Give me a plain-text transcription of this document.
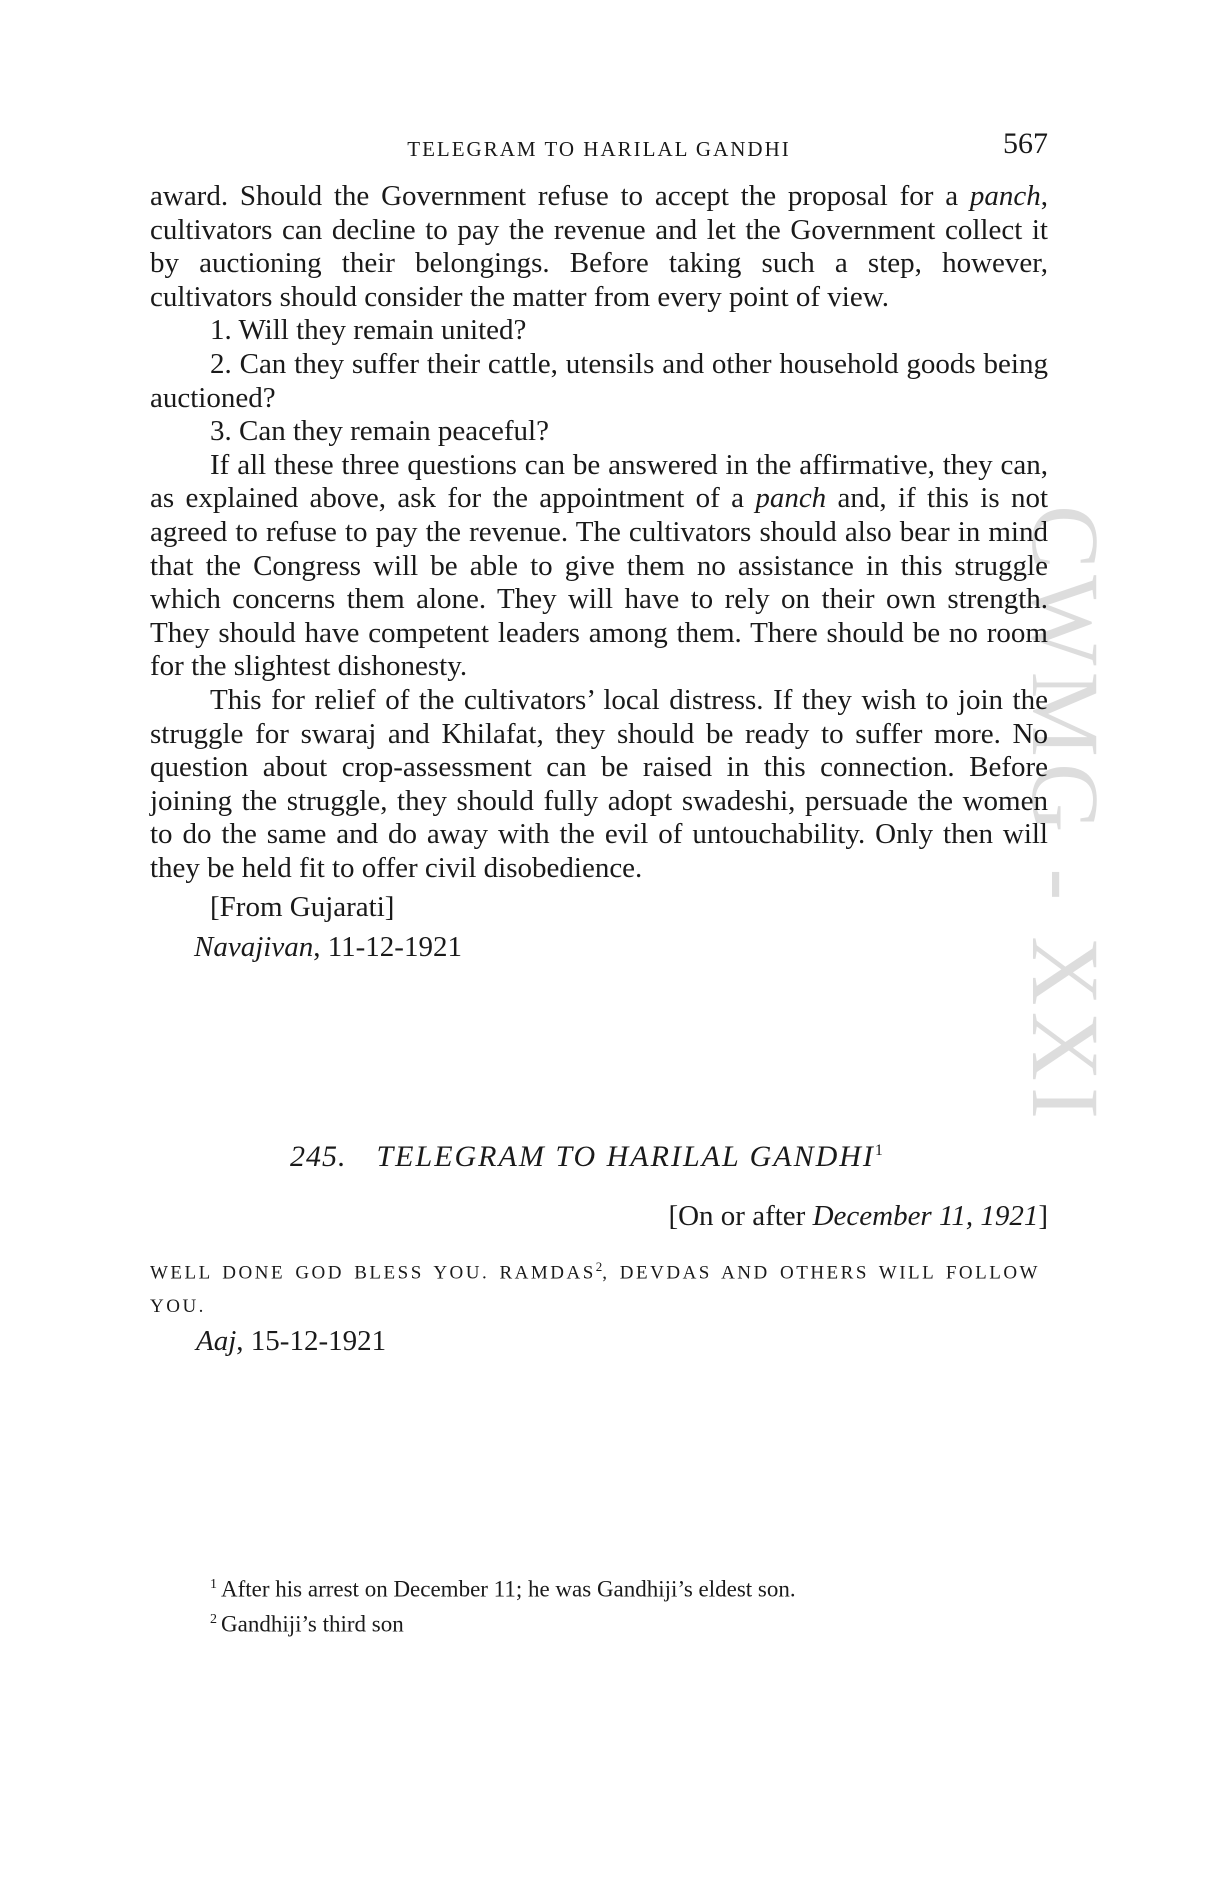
TELEGRAM TO HARILAL GANDHI	567

award. Should the Government refuse to accept the proposal for a panch, cultivators can decline to pay the revenue and let the Government collect it by auctioning their belongings. Before taking such a step, however, cultivators should consider the matter from every point of view.

1. Will they remain united?

2. Can they suffer their cattle, utensils and other household goods being auctioned?

3. Can they remain peaceful?

If all these three questions can be answered in the affirmative, they can, as explained above, ask for the appointment of a panch and, if this is not agreed to refuse to pay the revenue. The cultivators should also bear in mind that the Congress will be able to give them no assistance in this struggle which concerns them alone. They will have to rely on their own strength. They should have competent leaders among them. There should be no room for the slightest dishonesty.

This for relief of the cultivators’ local distress. If they wish to join the struggle for swaraj and Khilafat, they should be ready to suffer more. No question about crop-assessment can be raised in this connection. Before joining the struggle, they should fully adopt swadeshi, persuade the women to do the same and do away with the evil of untouchability. Only then will they be held fit to offer civil disobedience.

[From Gujarati]

Navajivan, 11-12-1921

245. TELEGRAM TO HARILAL GANDHI$^1$
[On or after December 11, 1921]
WELL DONE GOD BLESS YOU. RAMDAS$^2$, DEVDAS AND OTHERS WILL FOLLOW YOU.
Aaj, 15-12-1921
$^1$ After his arrest on December 11; he was Gandhiji’s eldest son.
$^2$ Gandhiji’s third son
CWMG - XXI
